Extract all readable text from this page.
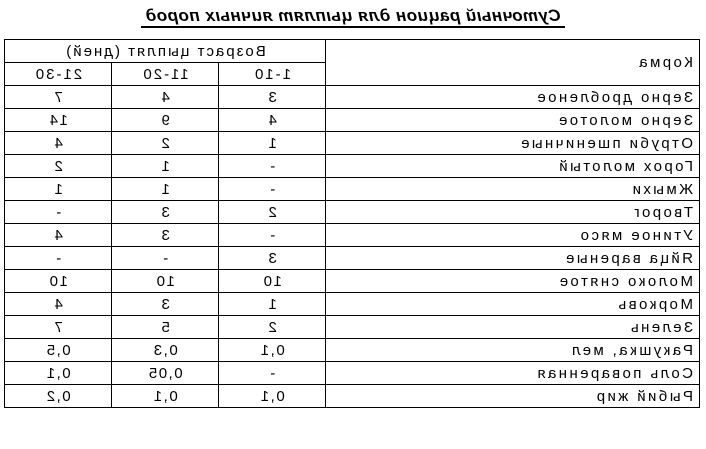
Суточный рацион для цыплят яичных пород
Корма	Возраст цыплят (дней)		
	1-10	11-20	21-30
Зерно дробленое	3	4	7
Зерно молотое	4	9	14
Отруби пшеничные	1	2	4
Горох молотый	-	1	2
Жмыхи	-	1	1
Творог	2	3	-
Утиное мясо	-	3	4
Яйца вареные	3	-	-
Молоко снятое	10	10	10
Морковь	1	3	4
Зелень	2	5	7
Ракушка, мел	0,1	0,3	0,5
Соль поваренная	-	0,05	0,1
Рыбий жир	0,1	0,1	0,2
